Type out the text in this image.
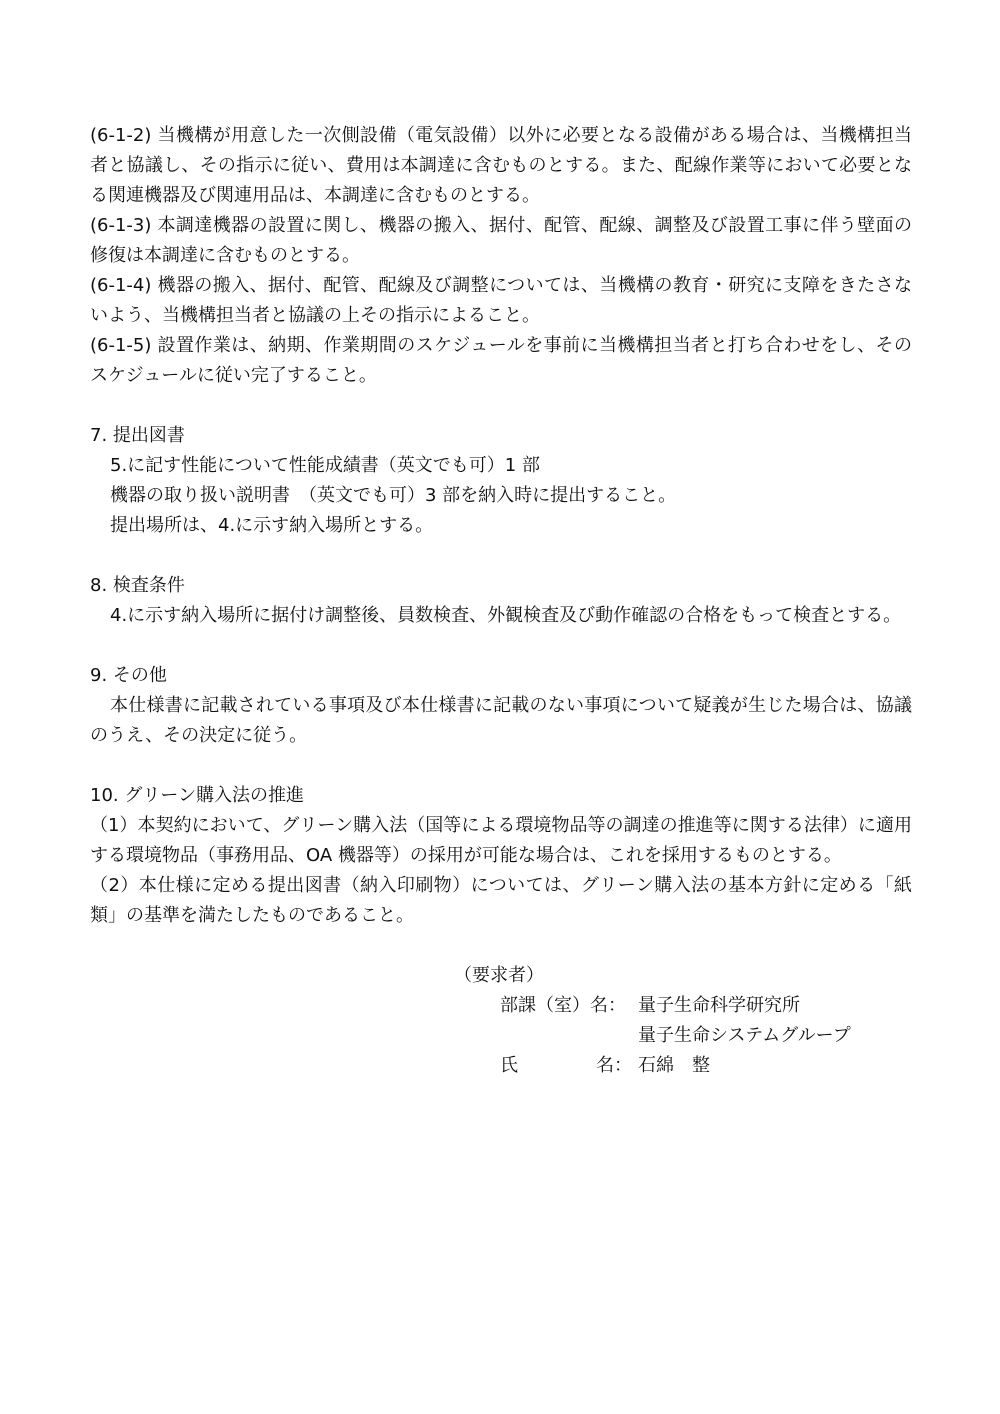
(6-1-2) 当機構が用意した一次側設備（電気設備）以外に必要となる設備がある場合は、当機構担当者と協議し、その指示に従い、費用は本調達に含むものとする。また、配線作業等において必要となる関連機器及び関連用品は、本調達に含むものとする。

(6-1-3) 本調達機器の設置に関し、機器の搬入、据付、配管、配線、調整及び設置工事に伴う壁面の修復は本調達に含むものとする。

(6-1-4) 機器の搬入、据付、配管、配線及び調整については、当機構の教育・研究に支障をきたさないよう、当機構担当者と協議の上その指示によること。

(6-1-5) 設置作業は、納期、作業期間のスケジュールを事前に当機構担当者と打ち合わせをし、そのスケジュールに従い完了すること。

7. 提出図書

5.に記す性能について性能成績書（英文でも可）1 部

機器の取り扱い説明書　（英文でも可）3 部を納入時に提出すること。

提出場所は、4.に示す納入場所とする。

8. 検査条件

4.に示す納入場所に据付け調整後、員数検査、外観検査及び動作確認の合格をもって検査とする。

9. その他

本仕様書に記載されている事項及び本仕様書に記載のない事項について疑義が生じた場合は、協議のうえ、その決定に従う。

10. グリーン購入法の推進

（1）本契約において、グリーン購入法（国等による環境物品等の調達の推進等に関する法律）に適用する環境物品（事務用品、OA 機器等）の採用が可能な場合は、これを採用するものとする。

（2）本仕様に定める提出図書（納入印刷物）については、グリーン購入法の基本方針に定める「紙類」の基準を満たしたものであること。

（要求者）
部課（室）名： 量子生命科学研究所
量子生命システムグループ
氏	名： 石綿　整
